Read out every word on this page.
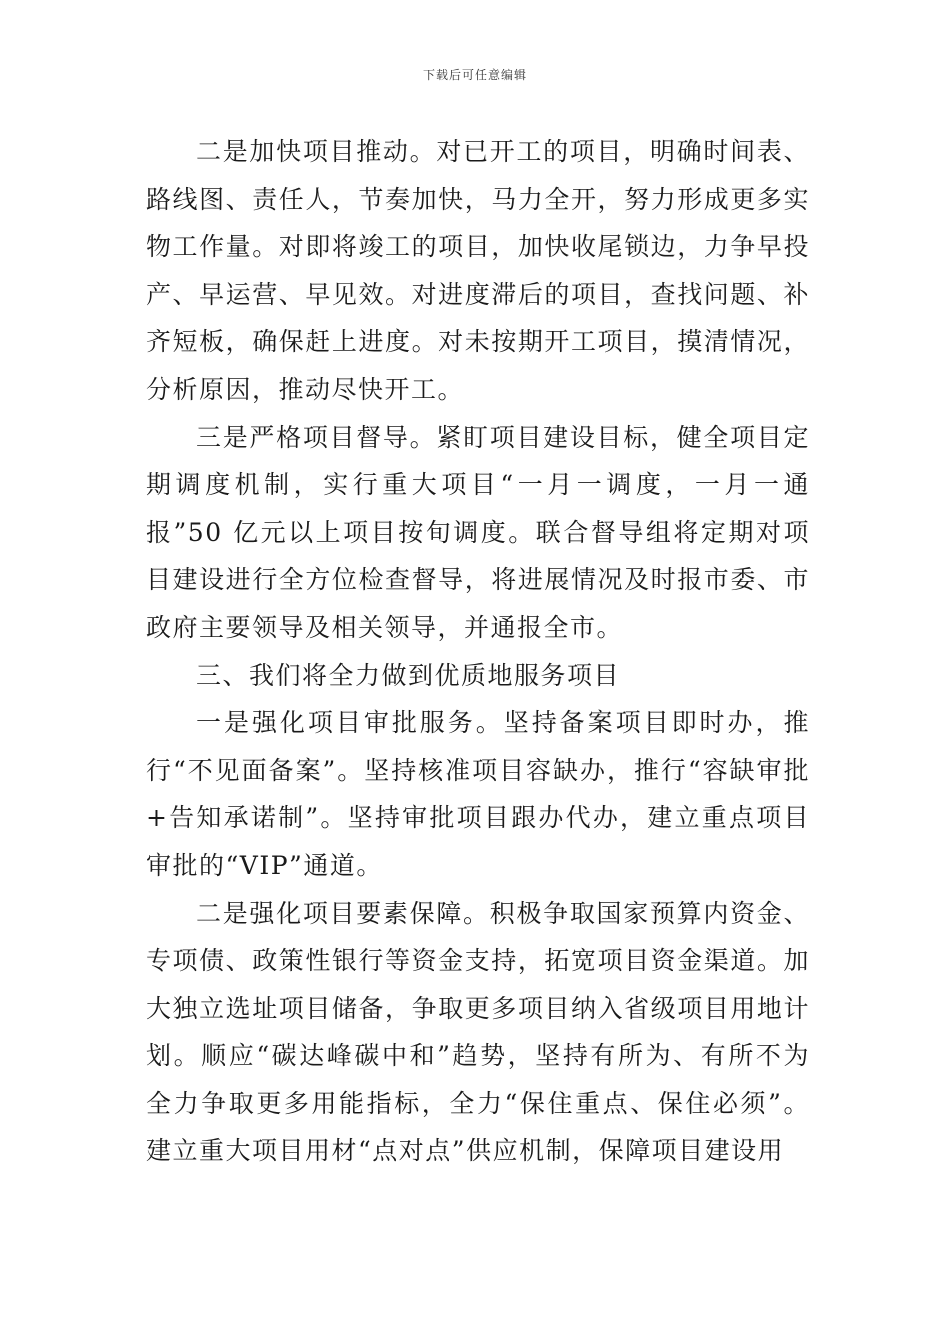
下载后可任意编辑

二是加快项目推动。对已开工的项目，明确时间表、路线图、责任人，节奏加快，马力全开，努力形成更多实物工作量。对即将竣工的项目，加快收尾锁边，力争早投产、早运营、早见效。对进度滞后的项目，查找问题、补齐短板，确保赶上进度。对未按期开工项目，摸清情况，分析原因，推动尽快开工。

三是严格项目督导。紧盯项目建设目标，健全项目定期调度机制，实行重大项目“一月一调度，一月一通报”50 亿元以上项目按旬调度。联合督导组将定期对项目建设进行全方位检查督导，将进展情况及时报市委、市政府主要领导及相关领导，并通报全市。

三、我们将全力做到优质地服务项目

一是强化项目审批服务。坚持备案项目即时办，推行“不见面备案”。坚持核准项目容缺办，推行“容缺审批+告知承诺制”。坚持审批项目跟办代办，建立重点项目审批的“VIP”通道。

二是强化项目要素保障。积极争取国家预算内资金、专项债、政策性银行等资金支持，拓宽项目资金渠道。加大独立选址项目储备，争取更多项目纳入省级项目用地计划。顺应“碳达峰碳中和”趋势，坚持有所为、有所不为全力争取更多用能指标，全力“保住重点、保住必须”。建立重大项目用材“点对点”供应机制，保障项目建设用
